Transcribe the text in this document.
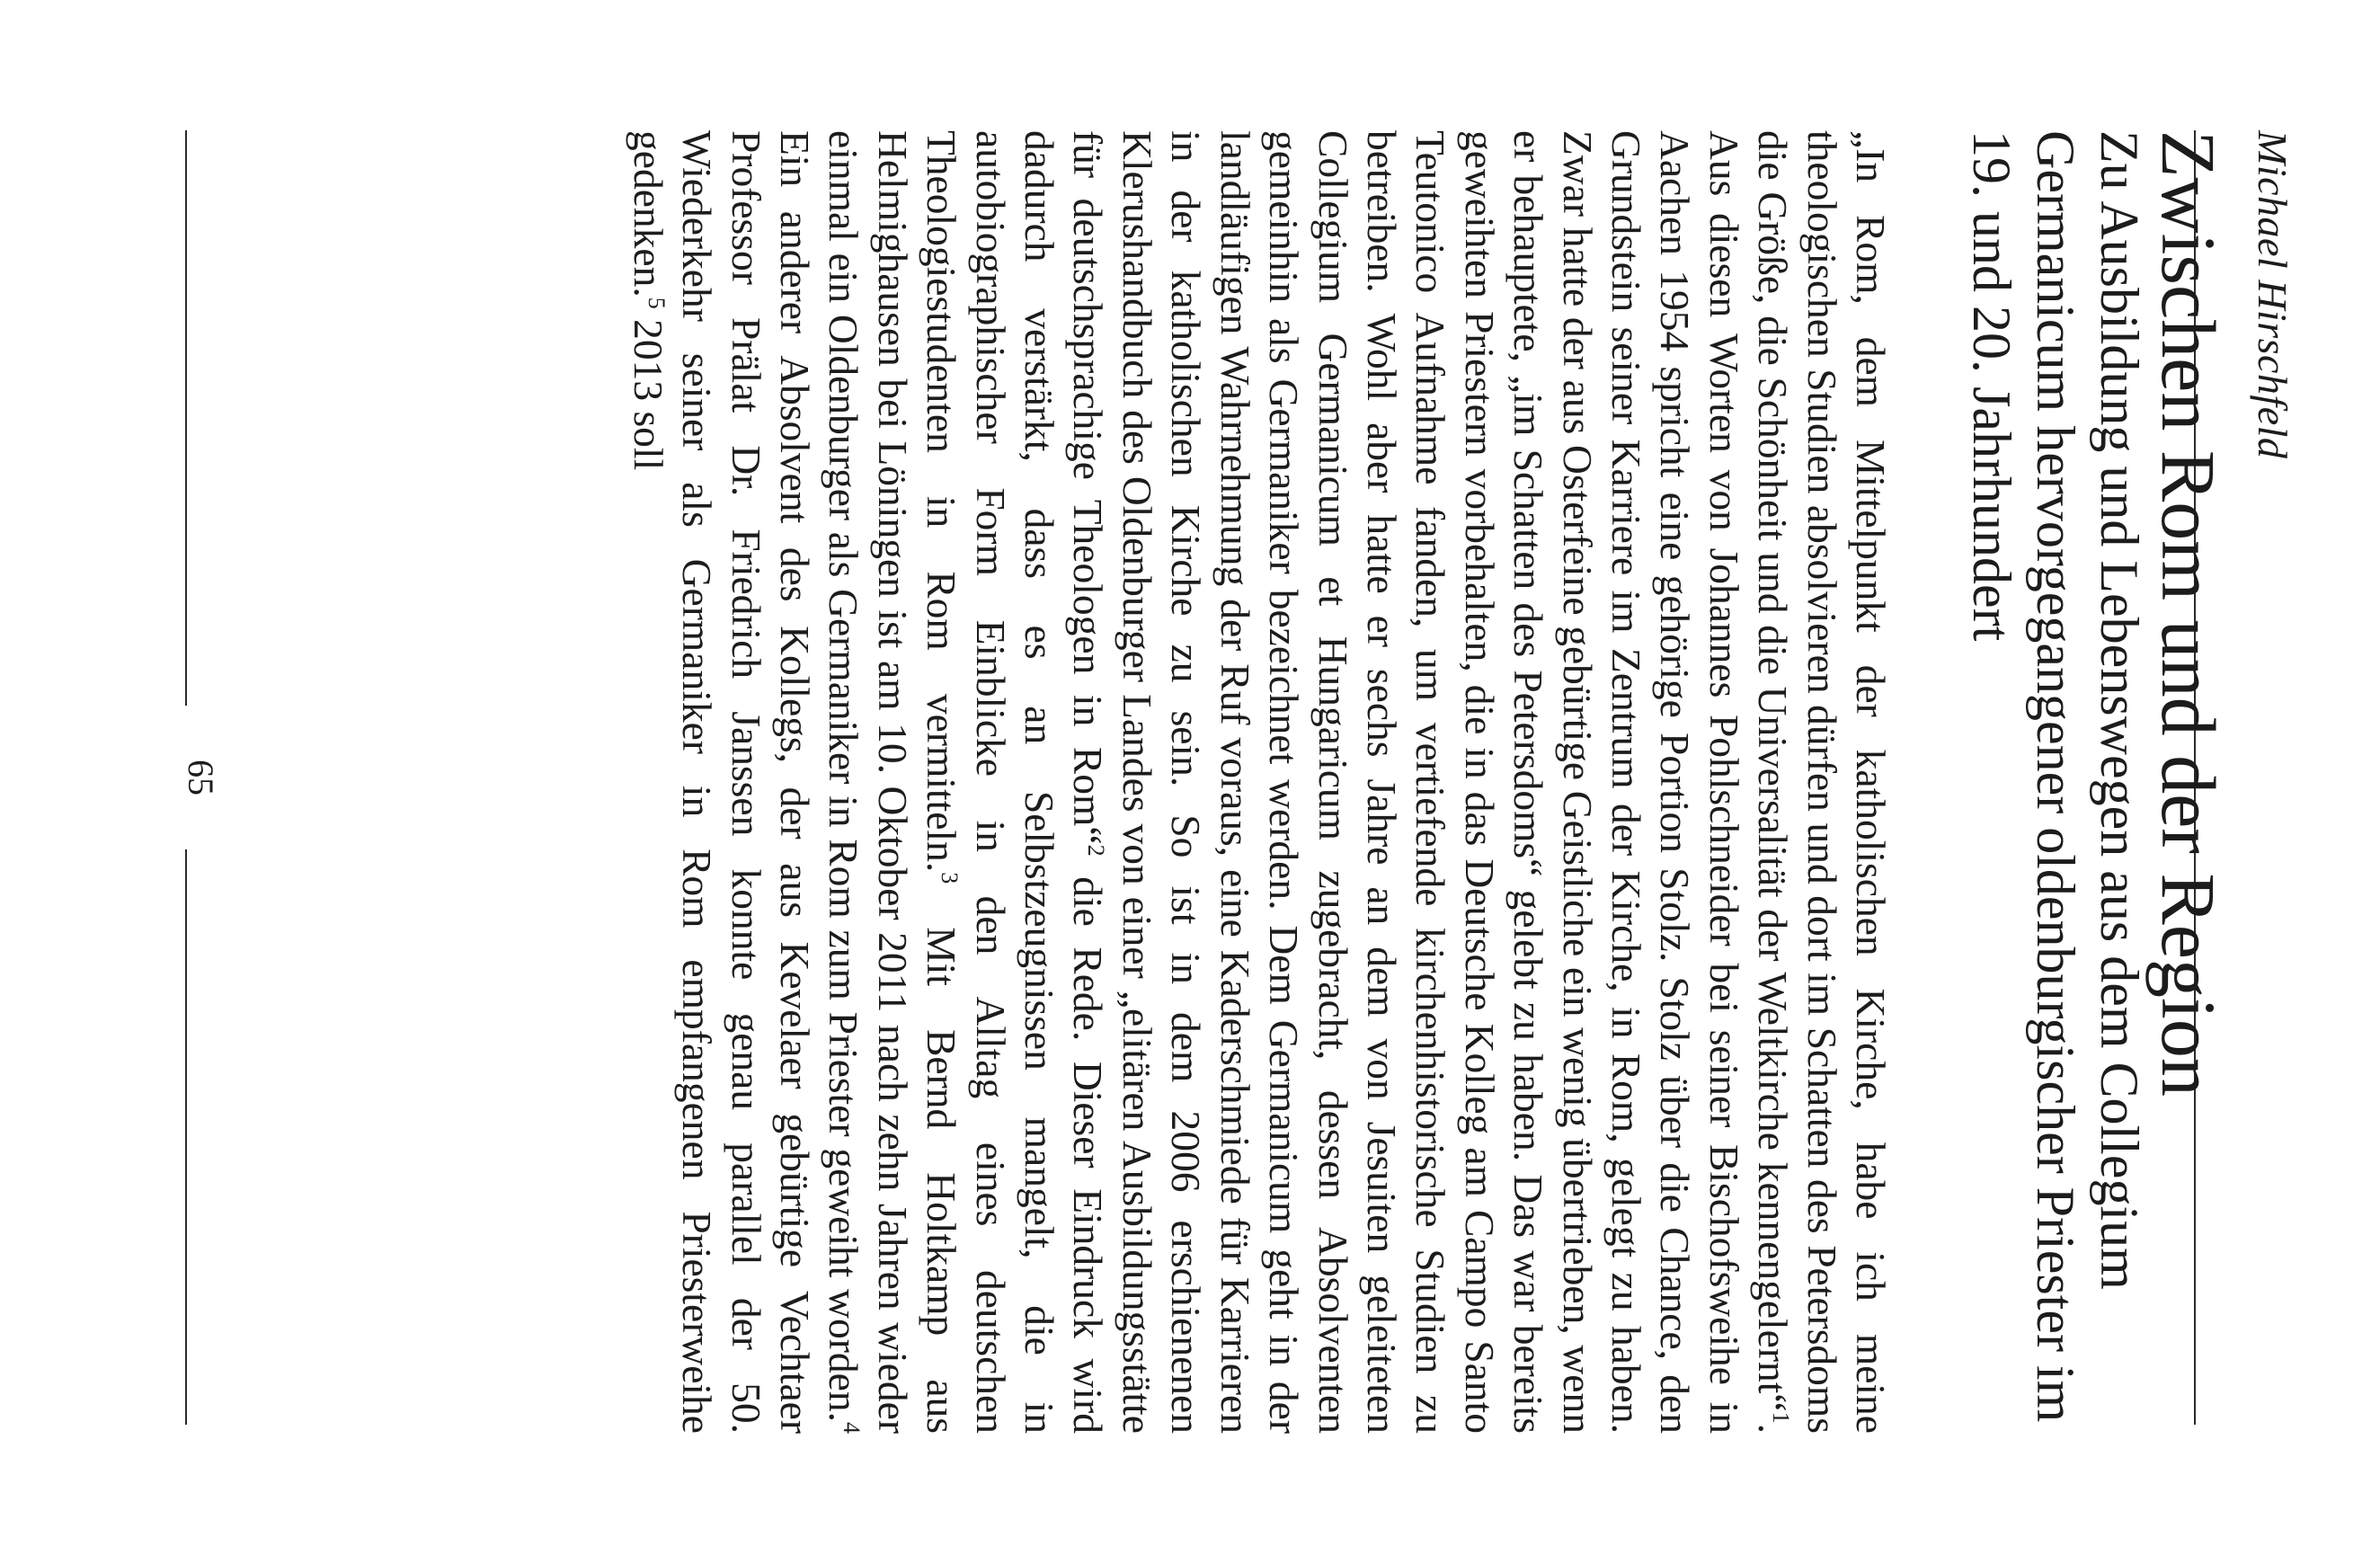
Michael Hirschfeld
Zwischen Rom und der Region
Zu Ausbildung und Lebenswegen aus dem Collegium Germanicum hervorgegangener oldenburgischer Priester im 19. und 20. Jahrhundert

„In Rom, dem Mittelpunkt der katholischen Kirche, habe ich meine theologischen Studien absolvieren dürfen und dort im Schatten des Petersdoms die Größe, die Schönheit und die Universalität der Weltkirche kennengelernt“$^1$. Aus diesen Worten von Johannes Pohlschneider bei seiner Bischofsweihe in Aachen 1954 spricht eine gehörige Portion Stolz. Stolz über die Chance, den Grundstein seiner Karriere im Zentrum der Kirche, in Rom, gelegt zu haben. Zwar hatte der aus Osterfeine gebürtige Geistliche ein wenig übertrieben, wenn er behauptete, „im Schatten des Petersdoms“ gelebt zu haben. Das war bereits geweihten Priestern vorbehalten, die in das Deutsche Kolleg am Campo Santo Teutonico Aufnahme fanden, um vertiefende kirchenhistorische Studien zu betreiben. Wohl aber hatte er sechs Jahre an dem von Jesuiten geleiteten Collegium Germanicum et Hungaricum zugebracht, dessen Absolventen gemeinhin als Germaniker bezeichnet werden. Dem Germanicum geht in der landläufigen Wahrnehmung der Ruf voraus, eine Kaderschmiede für Karrieren in der katholischen Kirche zu sein. So ist in dem 2006 erschienenen Klerushandbuch des Oldenburger Landes von einer „elitären Ausbildungsstätte für deutschsprachige Theologen in Rom“$^2$ die Rede. Dieser Eindruck wird dadurch verstärkt, dass es an Selbstzeugnissen mangelt, die in autobiographischer Form Einblicke in den Alltag eines deutschen Theologiestudenten in Rom vermitteln.$^3$ Mit Bernd Holtkamp aus Helmighausen bei Löningen ist am 10. Oktober 2011 nach zehn Jahren wieder einmal ein Oldenburger als Germaniker in Rom zum Priester geweiht worden.$^4$ Ein anderer Absolvent des Kollegs, der aus Kevelaer gebürtige Vechtaer Professor Prälat Dr. Friedrich Janssen konnte genau parallel der 50. Wiederkehr seiner als Germaniker in Rom empfangenen Priesterweihe gedenken.$^5$ 2013 soll

65
